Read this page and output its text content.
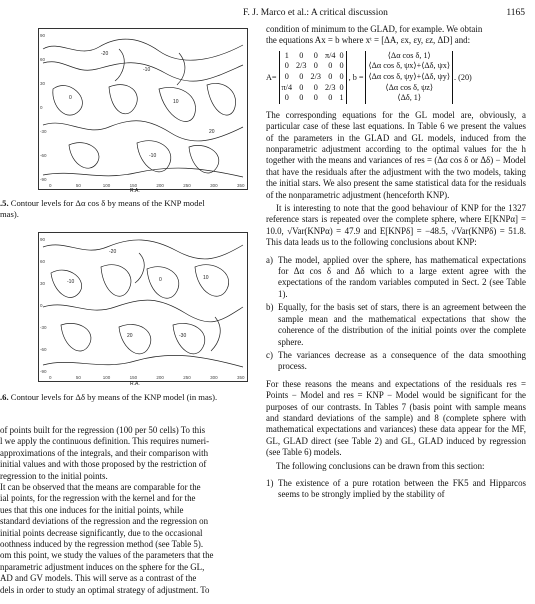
F. J. Marco et al.: A critical discussion	1165
0	50	100	150	200	250	300	350
90
60
30
0
-30
-60
-90
-20
-10
0
10
20
-10
R.A.
.5. Contour levels for Δα cos δ by means of the KNP model
mas).
0	50	100	150	200	250	300	350
90
60
30
0
-30
-60
-90
-20
-10	0	10
20	-30
R.A.
.6. Contour levels for Δδ by means of the KNP model (in mas).
of points built for the regression (100 per 50 cells) To this
l we apply the continuous definition. This requires numeri-
approximations of the integrals, and their comparison with
initial values and with those proposed by the restriction of
regression to the initial points.
It can be observed that the means are comparable for the
ial points, for the regression with the kernel and for the
ues that this one induces for the initial points, while
standard deviations of the regression and the regression on
initial points decrease significantly, due to the occasional
oothness induced by the regression method (see Table 5).
om this point, we study the values of the parameters that the
nparametric adjustment induces on the sphere for the GL,
AD and GV models. This will serve as a contrast of the
dels in order to study an optimal strategy of adjustment. To

condition of minimum to the GLAD, for example. We obtain

the equations Ax = b where xᵗ = [ΔA, εx, εy, εz, ΔD] and:

A=
1	0	0	π/4	0
0	2/3	0	0	0
0	0	2/3	0	0
π/4	0	0	2/3	0
0	0	0	0	1
, b =
⟨Δα cos δ, 1⟩
⟨Δα cos δ, ψx⟩+⟨Δδ, ψx⟩
⟨Δα cos δ, ψy⟩+⟨Δδ, ψy⟩
⟨Δα cos δ, ψz⟩
⟨Δδ, 1⟩
. (20)

The corresponding equations for the GL model are, obviously, a particular case of these last equations. In Table 6 we present the values of the parameters in the GLAD and GL models, induced from the nonparametric adjustment according to the optimal values for the h together with the means and variances of res = (Δα cos δ or Δδ) − Model that have the residuals after the adjustment with the two models, taking the initial stars. We also present the same statistical data for the residuals of the nonparametric adjustment (henceforth KNP).

It is interesting to note that the good behaviour of KNP for the 1327 reference stars is repeated over the complete sphere, where E[KNPα] = 10.0, √Var(KNPα) = 47.9 and E[KNPδ] = −48.5, √Var(KNPδ) = 51.8. This data leads us to the following conclusions about KNP:

a) The model, applied over the sphere, has mathematical expectations for Δα cos δ and Δδ which to a large extent agree with the expectations of the random variables computed in Sect. 2 (see Table 1).
b) Equally, for the basis set of stars, there is an agreement between the sample mean and the mathematical expectations that show the coherence of the distribution of the initial points over the complete sphere.
c) The variances decrease as a consequence of the data smoothing process.

For these reasons the means and expectations of the residuals res = Points − Model and res = KNP − Model would be significant for the purposes of our contrasts. In Tables 7 (basis point with sample means and standard deviations of the sample) and 8 (complete sphere with mathematical expectations and variances) these data appear for the MF, GL, GLAD direct (see Table 2) and GL, GLAD induced by regression (see Table 6) models.

The following conclusions can be drawn from this section:

1) The existence of a pure rotation between the FK5 and Hipparcos seems to be strongly implied by the stability of
